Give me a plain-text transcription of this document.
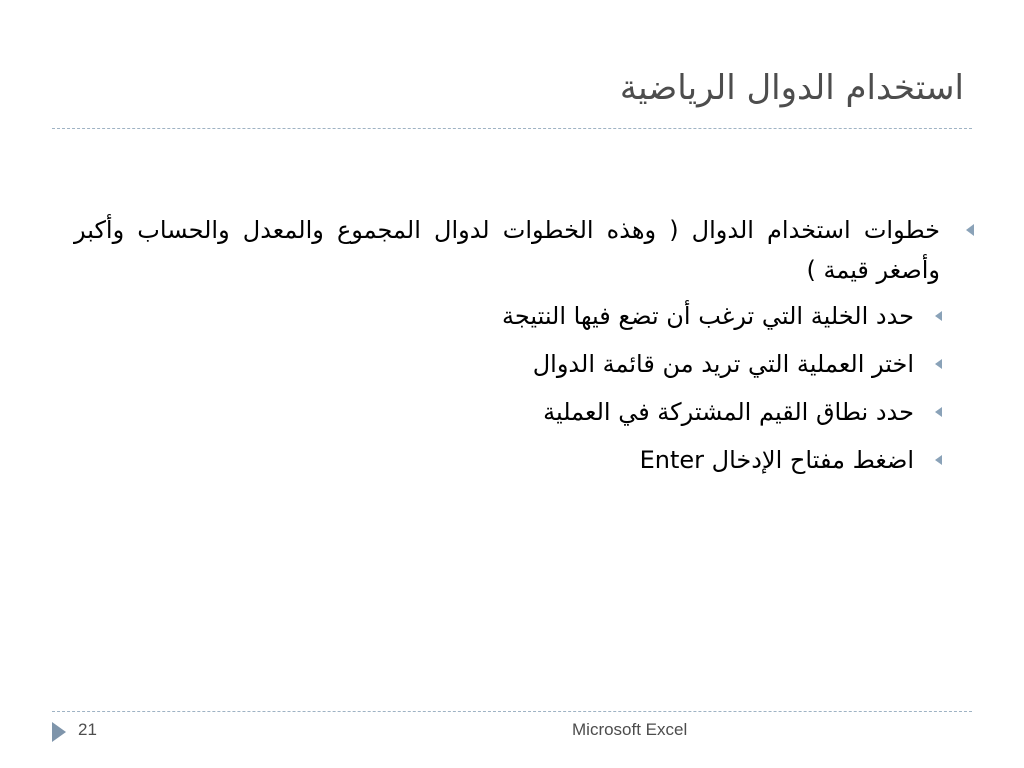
استخدام الدوال الرياضية
خطوات استخدام الدوال ( وهذه الخطوات لدوال المجموع والمعدل والحساب وأكبر وأصغر قيمة )
حدد الخلية التي ترغب أن تضع فيها النتيجة
اختر العملية التي تريد من قائمة الدوال
حدد نطاق القيم المشتركة في العملية
اضغط مفتاح الإدخال Enter
21	Microsoft Excel
